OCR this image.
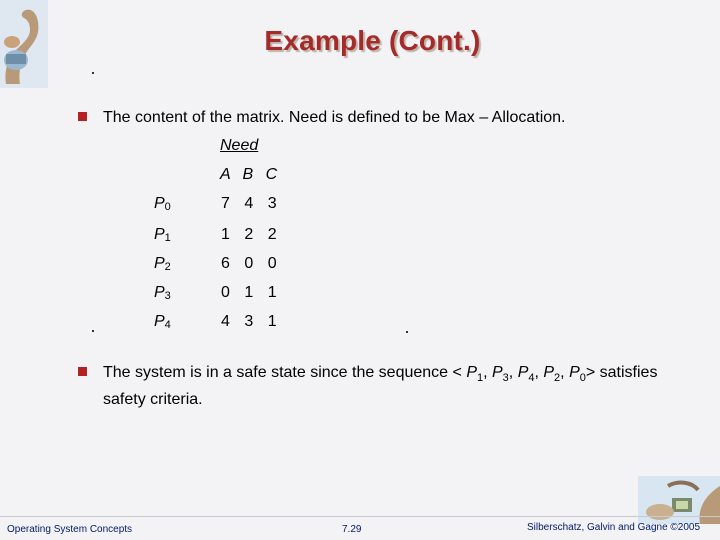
Example (Cont.)
The content of the matrix. Need is defined to be Max – Allocation.
Need
A B C
$P_0$	7 4 3
$P_1$	1 2 2
$P_2$	6 0 0
$P_3$	0 1 1
$P_4$	4 3 1
The system is in a safe state since the sequence < $P_1$, $P_3$, $P_4$, $P_2$, $P_0>$ satisfies safety criteria.
Operating System Concepts	7.29	Silberschatz, Galvin and Gagne ©2005
